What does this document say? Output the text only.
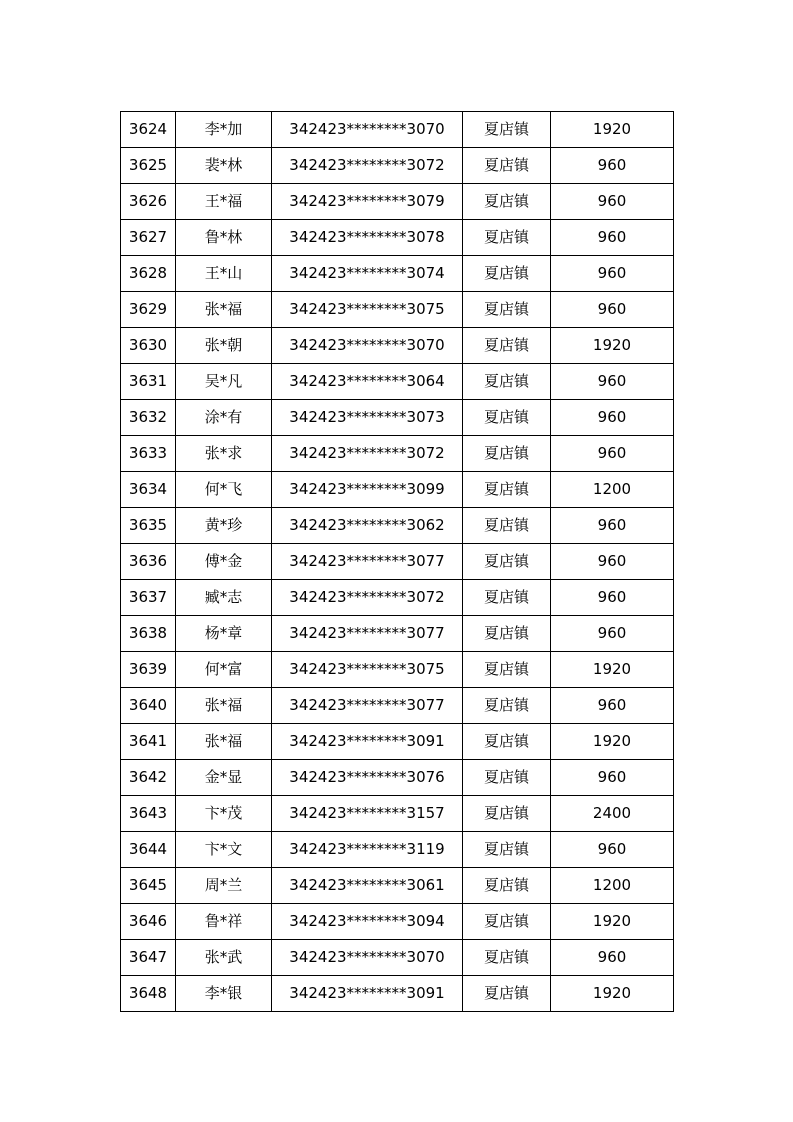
3624	李*加	342423********3070	夏店镇	1920
3625	裴*林	342423********3072	夏店镇	960
3626	王*福	342423********3079	夏店镇	960
3627	鲁*林	342423********3078	夏店镇	960
3628	王*山	342423********3074	夏店镇	960
3629	张*福	342423********3075	夏店镇	960
3630	张*朝	342423********3070	夏店镇	1920
3631	吴*凡	342423********3064	夏店镇	960
3632	涂*有	342423********3073	夏店镇	960
3633	张*求	342423********3072	夏店镇	960
3634	何*飞	342423********3099	夏店镇	1200
3635	黄*珍	342423********3062	夏店镇	960
3636	傅*金	342423********3077	夏店镇	960
3637	臧*志	342423********3072	夏店镇	960
3638	杨*章	342423********3077	夏店镇	960
3639	何*富	342423********3075	夏店镇	1920
3640	张*福	342423********3077	夏店镇	960
3641	张*福	342423********3091	夏店镇	1920
3642	金*显	342423********3076	夏店镇	960
3643	卞*茂	342423********3157	夏店镇	2400
3644	卞*文	342423********3119	夏店镇	960
3645	周*兰	342423********3061	夏店镇	1200
3646	鲁*祥	342423********3094	夏店镇	1920
3647	张*武	342423********3070	夏店镇	960
3648	李*银	342423********3091	夏店镇	1920
